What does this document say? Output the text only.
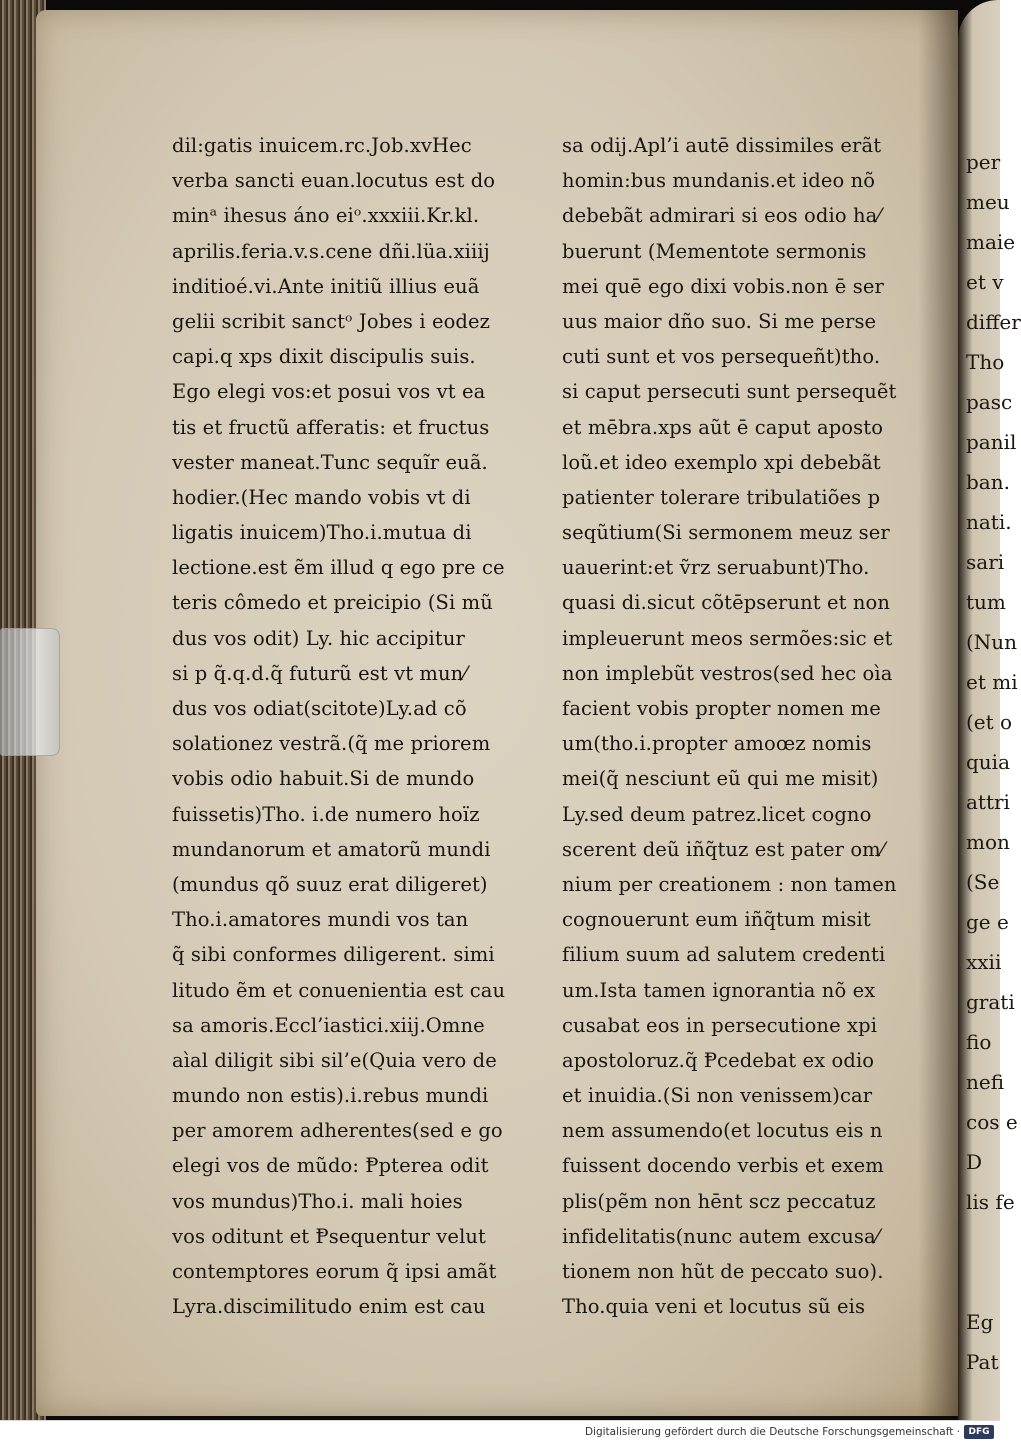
dil:gatis inuicem.rc.Job.xvHec
verba sancti euan.locutus est do
minᵃ ihesus áno eiᵒ.xxxiii.Kr.kl.
aprilis.feria.v.s.cene dñi.lüa.xiiij
inditioé.vi.Ante initiũ illius euã
gelii scribit sanctᵒ Jobes i eodez
capi.q xps dixit discipulis suis.
Ego elegi vos:et posui vos vt ea
tis et fructũ afferatis: et fructus
vester maneat.Tunc sequĩr euã.
hodier.(Hec mando vobis vt di
ligatis inuicem)Tho.i.mutua di
lectione.est ẽm illud q ego pre ce
teris cômedo et preicipio (Si mũ
dus vos odit) Ly. hic accipitur
si p q̃.q.d.q̃ futurũ est vt mun⁄
dus vos odiat(scitote)Ly.ad cõ
solationez vestrã.(q̃ me priorem
vobis odio habuit.Si de mundo
fuissetis)Tho. i.de numero hoïz
mundanorum et amatorũ mundi
(mundus qõ suuz erat diligeret)
Tho.i.amatores mundi vos tan
q̃ sibi conformes diligerent. simi
litudo ẽm et conuenientia est cau
sa amoris.Eccl’iastici.xiij.Omne
aìal diligit sibi sil’e(Quia vero de
mundo non estis).i.rebus mundi
per amorem adherentes(sed e go
elegi vos de mũdo: Ᵽpterea odit
vos mundus)Tho.i. mali hoies
vos oditunt et Ᵽsequentur velut
contemptores eorum q̃ ipsi amãt
Lyra.discimilitudo enim est cau
sa odij.Apl’i autē dissimiles erãt
homin:bus mundanis.et ideo nõ
debebãt admirari si eos odio ha⁄
buerunt (Mementote sermonis
mei quē ego dixi vobis.non ē ser
uus maior dño suo. Si me perse
cuti sunt et vos persequeñt)tho.
si caput persecuti sunt persequẽt
et mēbra.xps aũt ē caput aposto
loũ.et ideo exemplo xpi debebãt
patienter tolerare tribulatiões p
seqũtium(Si sermonem meuz ser
uauerint:et ṽrz seruabunt)Tho.
quasi di.sicut cõtēpserunt et non
impleuerunt meos sermões:sic et
non implebũt vestros(sed hec oìa
facient vobis propter nomen me
um(tho.i.propter amoœz nomis
mei(q̃ nesciunt eũ qui me misit)
Ly.sed deum patrez.licet cogno
scerent deũ iñq̃tuz est pater om⁄
nium per creationem : non tamen
cognouerunt eum iñq̃tum misit
filium suum ad salutem credenti
um.Ista tamen ignorantia nõ ex
cusabat eos in persecutione xpi
apostoloruz.q̃ Ᵽcedebat ex odio
et inuidia.(Si non venissem)car
nem assumendo(et locutus eis n
fuissent docendo verbis et exem
plis(pẽm non hēnt scz peccatuz
infidelitatis(nunc autem excusa⁄
tionem non hũt de peccato suo).
Tho.quia veni et locutus sũ eis
per
meu
maie
et v
differ
Tho
pasc
panil
ban.
nati.
sari
tum
(Nun
et mi
(et o
quia
attri
mon
(Se
ge e
xxii
grati
fio
nefi
cos e
D
lis fe
Eg
Pat
Digitalisierung gefördert durch die Deutsche Forschungsgemeinschaft · DFG
